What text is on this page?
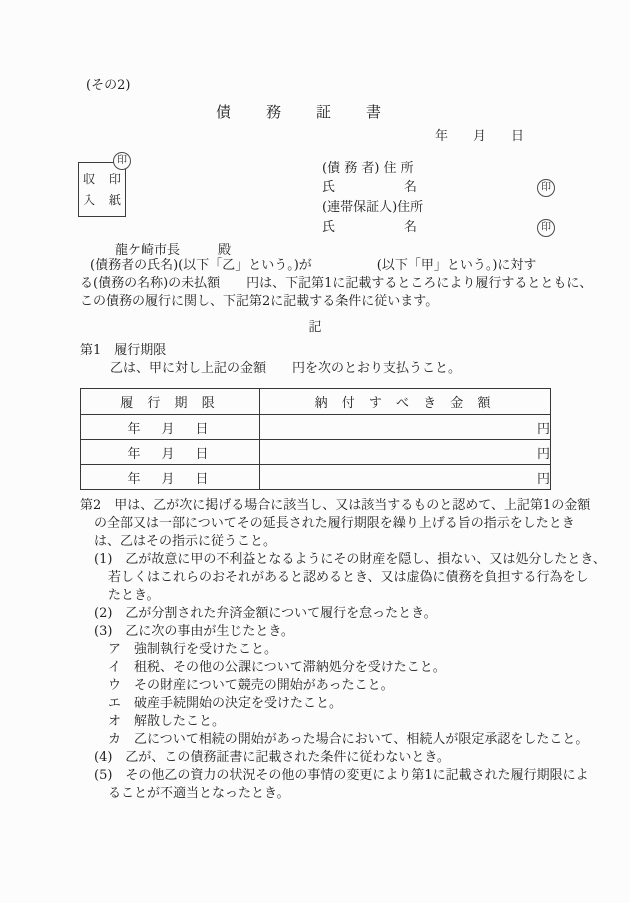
(その2)
債務証書
年　月　日
収 印
入 紙
印
(債 務 者) 住 所
氏	名	印
(連帯保証人)住所
氏	名	印
龍ケ崎市長	殿
(債務者の氏名)(以下「乙」という。)が　　　　　(以下「甲」という。)に対す
る(債務の名称)の未払額　　円は、下記第1に記載するところにより履行するとともに、
この債務の履行に関し、下記第2に記載する条件に従います。
記
第1　履行期限
乙は、甲に対し上記の金額　　円を次のとおり支払うこと。
履 行 期 限	納 付 す べ き 金 額
年　月　日	円
年　月　日	円
年　月　日	円
第2　甲は、乙が次に掲げる場合に該当し、又は該当するものと認めて、上記第1の金額
の全部又は一部についてその延長された履行期限を繰り上げる旨の指示をしたとき
は、乙はその指示に従うこと。
(1)　乙が故意に甲の不利益となるようにその財産を隠し、損ない、又は処分したとき、
若しくはこれらのおそれがあると認めるとき、又は虚偽に債務を負担する行為をし
たとき。
(2)　乙が分割された弁済金額について履行を怠ったとき。
(3)　乙に次の事由が生じたとき。
ア　強制執行を受けたこと。
イ　租税、その他の公課について滞納処分を受けたこと。
ウ　その財産について競売の開始があったこと。
エ　破産手続開始の決定を受けたこと。
オ　解散したこと。
カ　乙について相続の開始があった場合において、相続人が限定承認をしたこと。
(4)　乙が、この債務証書に記載された条件に従わないとき。
(5)　その他乙の資力の状況その他の事情の変更により第1に記載された履行期限によ
ることが不適当となったとき。
